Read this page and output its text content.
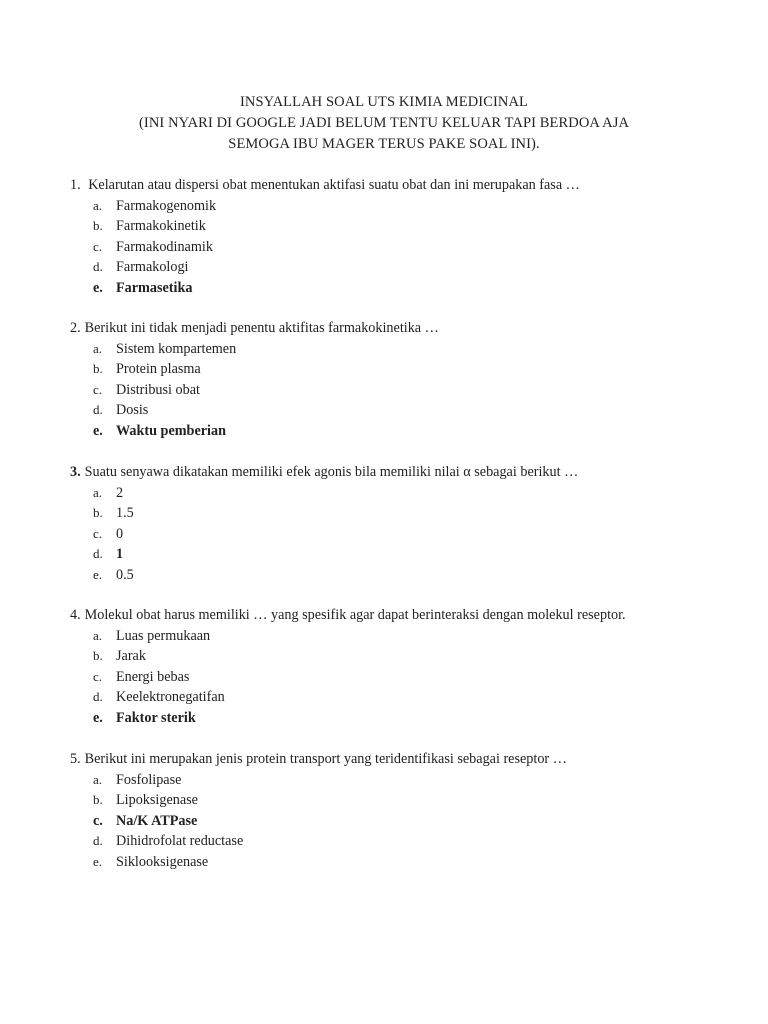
INSYALLAH SOAL UTS KIMIA MEDICINAL
(INI NYARI DI GOOGLE JADI BELUM TENTU KELUAR TAPI BERDOA AJA
SEMOGA IBU MAGER TERUS PAKE SOAL INI).
1. Kelarutan atau dispersi obat menentukan aktifasi suatu obat dan ini merupakan fasa …
a. Farmakogenomik
b. Farmakokinetik
c. Farmakodinamik
d. Farmakologi
e. Farmasetika
2. Berikut ini tidak menjadi penentu aktifitas farmakokinetika …
a. Sistem kompartemen
b. Protein plasma
c. Distribusi obat
d. Dosis
e. Waktu pemberian
3. Suatu senyawa dikatakan memiliki efek agonis bila memiliki nilai α sebagai berikut …
a. 2
b. 1.5
c. 0
d. 1
e. 0.5
4. Molekul obat harus memiliki … yang spesifik agar dapat berinteraksi dengan molekul reseptor.
a. Luas permukaan
b. Jarak
c. Energi bebas
d. Keelektronegatifan
e. Faktor sterik
5. Berikut ini merupakan jenis protein transport yang teridentifikasi sebagai reseptor …
a. Fosfolipase
b. Lipoksigenase
c. Na/K ATPase
d. Dihidrofolat reductase
e. Siklooksigenase
